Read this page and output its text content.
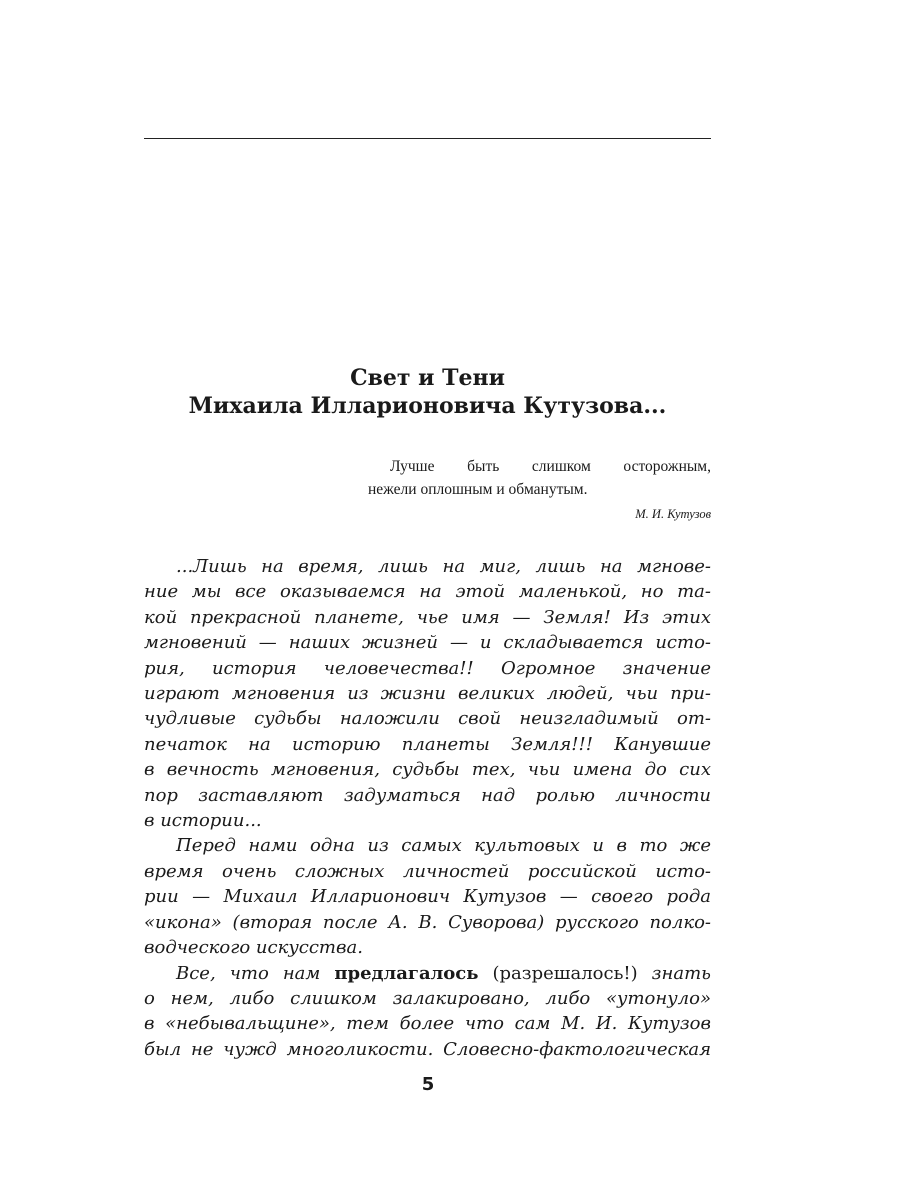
Свет и Тени
Михаила Илларионовича Кутузова...
Лучше быть слишком осторожным,
нежели оплошным и обманутым.
М. И. Кутузов
...Лишь на время, лишь на миг, лишь на мгнове-
ние мы все оказываемся на этой маленькой, но та-
кой прекрасной планете, чье имя — Земля! Из этих
мгновений — наших жизней — и складывается исто-
рия, история человечества!! Огромное значение
играют мгновения из жизни великих людей, чьи при-
чудливые судьбы наложили свой неизгладимый от-
печаток на историю планеты Земля!!! Канувшие
в вечность мгновения, судьбы тех, чьи имена до сих
пор заставляют задуматься над ролью личности
в истории...
Перед нами одна из самых культовых и в то же
время очень сложных личностей российской исто-
рии — Михаил Илларионович Кутузов — своего рода
«икона» (вторая после А. В. Суворова) русского полко-
водческого искусства.
Все, что нам предлагалось (разрешалось!) знать
о нем, либо слишком залакировано, либо «утонуло»
в «небывальщине», тем более что сам М. И. Кутузов
был не чужд многоликости. Словесно-фактологическая
5
